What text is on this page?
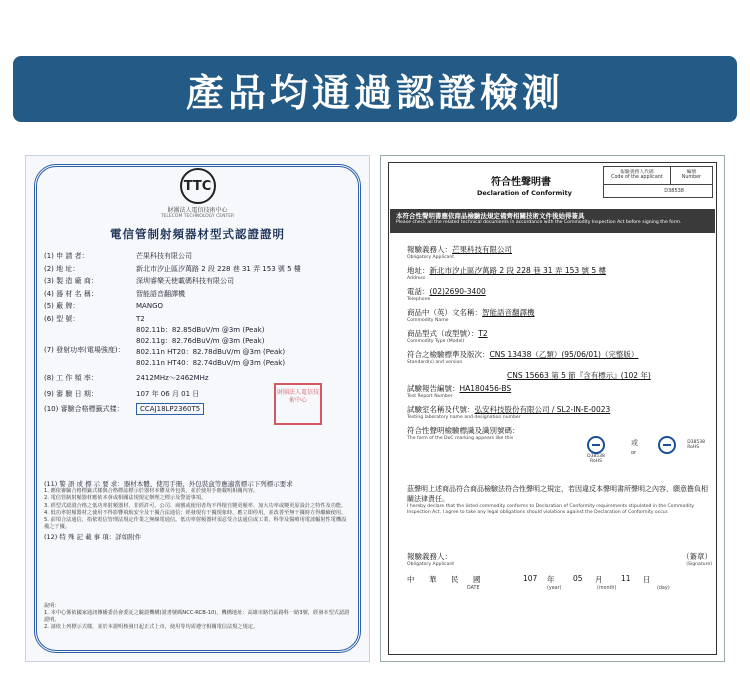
產品均通過認證檢測
TTC
財團法人電信技術中心
TELECOM TECHNOLOGY CENTER
電信管制射頻器材型式認證證明
(1) 申 請 者：	芒果科技有限公司
(2) 地 址：	新北市汐止區汐萬路 2 段 228 巷 31 弄 153 號 5 樓
(3) 製 造 廠 商：	深圳睿樂天使載碼科技有限公司
(4) 器 材 名 稱：	智能語音翻譯機
(5) 廠 牌：	MANGO
(6) 型 號：	T2
(7) 發射功率(電場強度)：
802.11b：82.85dBuV/m @3m (Peak)
802.11g：82.76dBuV/m @3m (Peak)
802.11n HT20：82.78dBuV/m @3m (Peak)
802.11n HT40：82.74dBuV/m @3m (Peak)
(8) 工 作 頻 率：	2412MHz～2462MHz
(9) 審 驗 日 期：	107 年 06 月 01 日
(10) 審驗合格標籤式樣：	CCAJ18LP2360T5
財團法人電信技術中心
(11) 警 語 或 標 示 要 求：器材本體、使用手冊、外包裝盒等應適當標示下列標示要求
1. 應依審驗合格標籤式樣與合格標誌標示於器材本體及外包裝，並於使用手冊載明相關內容。
2. 電信管制射頻器材應依本會或相關法規規定辦理之標示及警語事項。
3. 經型式認證合格之低功率射頻器材，非經許可，公司、商號或使用者均不得擅自變更頻率、加大功率或變更原設計之特性及功能。
4. 低功率射頻器材之使用不得影響飛航安全及干擾合法通信；經發現有干擾現象時，應立即停用，並改善至無干擾時方得繼續使用。
5. 前項合法通信，指依電信管理法規定作業之無線電通信。低功率射頻器材須忍受合法通信或工業、科學及醫療用電波輻射性電機設備之干擾。
(12) 特 殊 記 載 事 項：詳如附件
說明：
1. 本中心係依國家通訊傳播委員會委託之驗證機構(證書號碼NCC-RCB-10)，機構地址：高雄市路竹區路科一路3號，經發本型式認證證明。
2. 請依上列標示式樣，並於本證明核發日起正式上市，使用等均需遵守相關電信法規之規定。
符合性聲明書
Declaration of Conformity
報驗義務人代碼
Code of the applicant
編號
Number
D38538
本符合性聲明書應依商品檢驗法規定備齊相關技術文件後始得簽具
Please check all the related technical documents in accordance with the Commodity Inspection Act before signing the form.
報驗義務人：芒果科技有限公司
Obligatory Applicant
地址：新北市汐止區汐萬路 2 段 228 巷 31 弄 153 號 5 樓
Address
電話：(02)2690-3400
Telephone
商品中（英）文名稱：智能語音翻譯機
Commodity Name
商品型式（或型號）：T2
Commodity Type (Model)
符合之檢驗標準及版次：CNS 13438（乙類）(95/06/01)（完整版）
Standard(s) and version
CNS 15663 第 5 節『含有標示』(102 年)
試驗報告編號：HA180456-BS
Test Report Number
試驗室名稱及代號：弘安科技股份有限公司 / SL2-IN-E-0023
Testing laboratory name and designation number
符合性聲明檢驗標識及識別號碼：
The form of the DoC marking appears like this
D38538
RoHS
或
or
D38538
RoHS
茲聲明上述商品符合商品檢驗法符合性聲明之規定，若因違反本聲明書所聲明之內容，願意擔負相關法律責任。
I hereby declare that the listed commodity conforms to Declaration of Conformity requirements stipulated in the Commodity Inspection Act. I agree to take any legal obligations should violations against the Declaration of Conformity occur.
報驗義務人：	（簽章）
Obligatory Applicant	(Signature)
中	華	民	國	107	年	05	月	11	日
DATE	(year)	(month)	(day)
